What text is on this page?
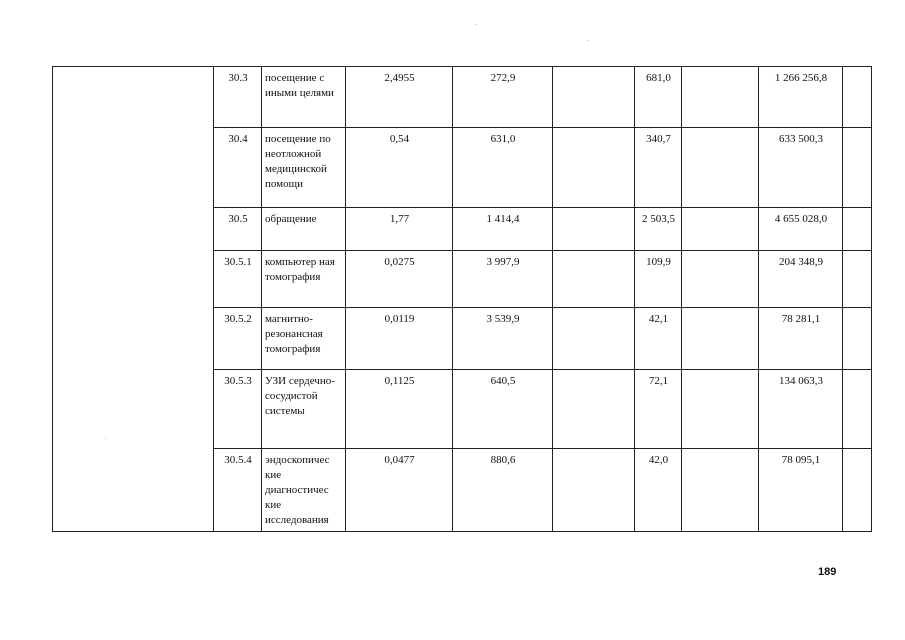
	30.3	посещение с иными целями	2,4955	272,9		681,0		1 266 256,8	
	30.4	посещение по неотложной медицинской помощи	0,54	631,0		340,7		633 500,3	
	30.5	обращение	1,77	1 414,4		2 503,5		4 655 028,0	
	30.5.1	компьютер ная томография	0,0275	3 997,9		109,9		204 348,9	
	30.5.2	магнитно-резонансная томография	0,0119	3 539,9		42,1		78 281,1	
	30.5.3	УЗИ сердечно-сосудистой системы	0,1125	640,5		72,1		134 063,3	
	30.5.4	эндоскопичес кие диагностичес кие исследования	0,0477	880,6		42,0		78 095,1	
189
